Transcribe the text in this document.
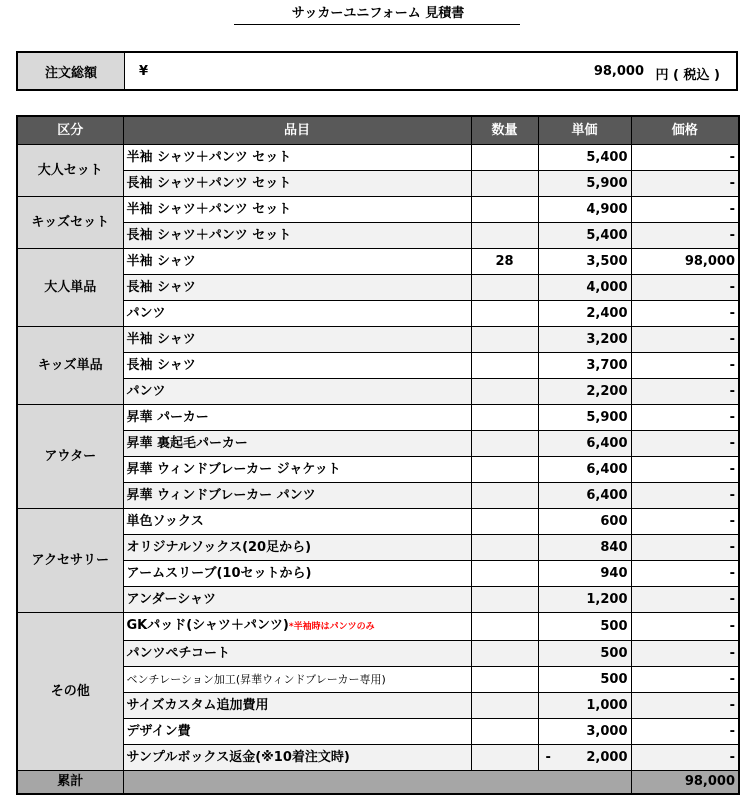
サッカーユニフォーム 見積書
注文総額	¥	98,000 円 ( 税込 )
区分	品目	数量	単価	価格
大人セット	半袖 シャツ＋パンツ セット		5,400	-
	長袖 シャツ＋パンツ セット		5,900	-
キッズセット	半袖 シャツ＋パンツ セット		4,900	-
	長袖 シャツ＋パンツ セット		5,400	-
大人単品	半袖 シャツ	28	3,500	98,000
	長袖 シャツ		4,000	-
	パンツ		2,400	-
キッズ単品	半袖 シャツ		3,200	-
	長袖 シャツ		3,700	-
	パンツ		2,200	-
アウター	昇華 パーカー		5,900	-
	昇華 裏起毛パーカー		6,400	-
	昇華 ウィンドブレーカー ジャケット		6,400	-
	昇華 ウィンドブレーカー パンツ		6,400	-
アクセサリー	単色ソックス		600	-
	オリジナルソックス(20足から)		840	-
	アームスリーブ(10セットから)		940	-
	アンダーシャツ		1,200	-
その他	GKパッド(シャツ＋パンツ)*半袖時はパンツのみ		500	-
	パンツペチコート		500	-
	ベンチレーション加工(昇華ウィンドブレーカー専用)		500	-
	サイズカスタム追加費用		1,000	-
	デザイン費		3,000	-
	サンプルボックス返金(※10着注文時)		- 2,000	-
累計				98,000
